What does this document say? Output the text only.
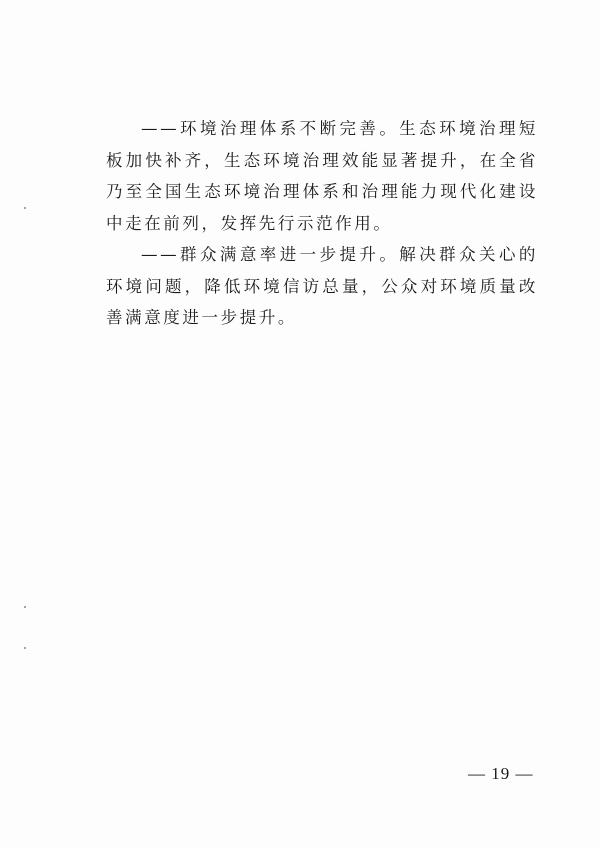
——环境治理体系不断完善。生态环境治理短板加快补齐，生态环境治理效能显著提升，在全省乃至全国生态环境治理体系和治理能力现代化建设中走在前列，发挥先行示范作用。

——群众满意率进一步提升。解决群众关心的环境问题，降低环境信访总量，公众对环境质量改善满意度进一步提升。

— 19 —
